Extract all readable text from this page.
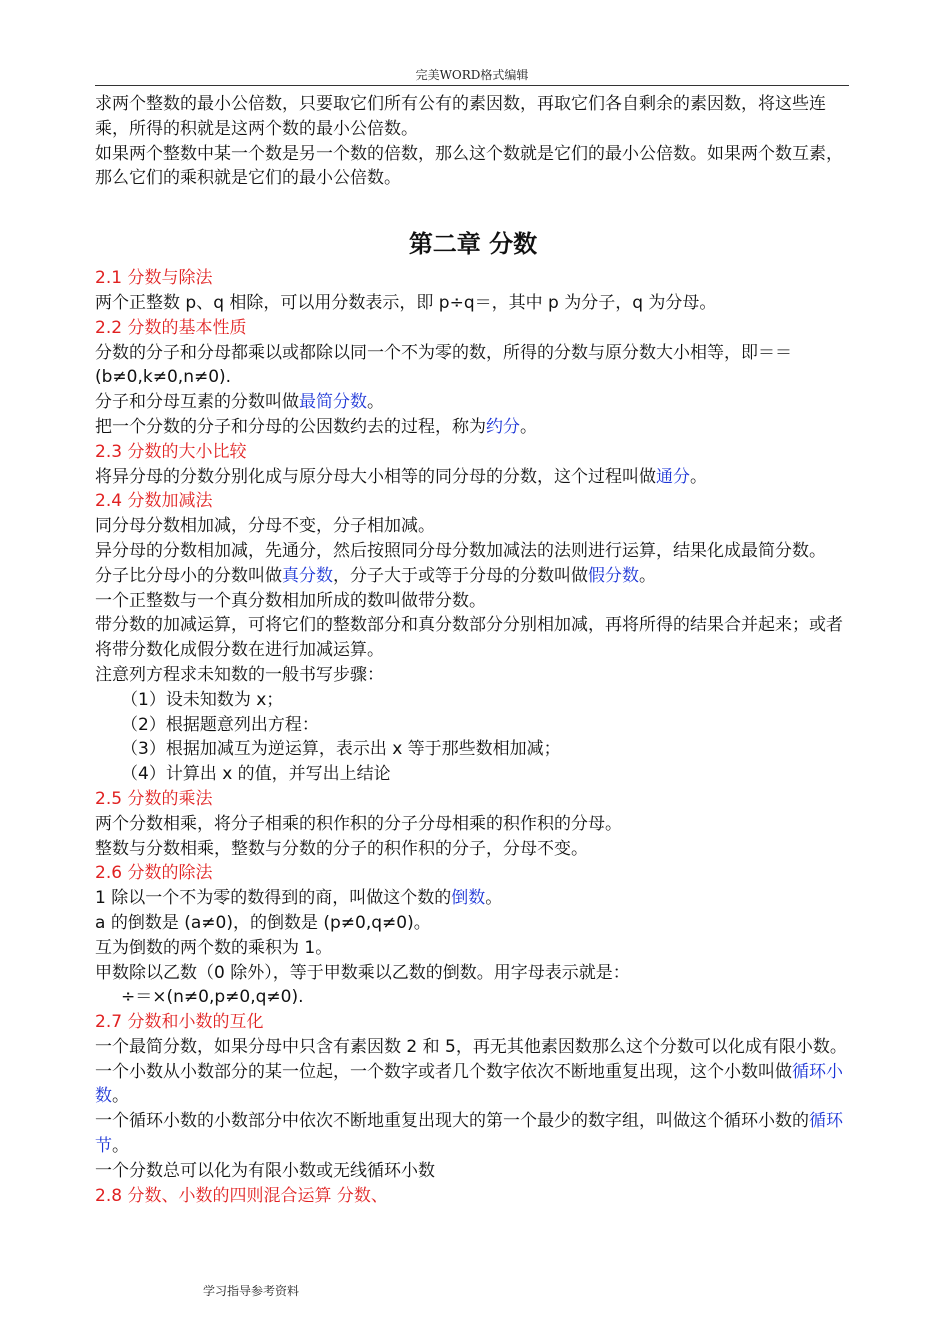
完美WORD格式编辑

求两个整数的最小公倍数，只要取它们所有公有的素因数，再取它们各自剩余的素因数，将这些连乘，所得的积就是这两个数的最小公倍数。

如果两个整数中某一个数是另一个数的倍数，那么这个数就是它们的最小公倍数。如果两个数互素，那么它们的乘积就是它们的最小公倍数。

第二章 分数

2.1 分数与除法

两个正整数 p、q 相除，可以用分数表示，即 p÷q＝，其中 p 为分子，q 为分母。

2.2 分数的基本性质

分数的分子和分母都乘以或都除以同一个不为零的数，所得的分数与原分数大小相等，即＝＝(b≠0,k≠0,n≠0).

分子和分母互素的分数叫做最简分数。

把一个分数的分子和分母的公因数约去的过程，称为约分。

2.3 分数的大小比较

将异分母的分数分别化成与原分母大小相等的同分母的分数，这个过程叫做通分。

2.4 分数加减法

同分母分数相加减，分母不变，分子相加减。

异分母的分数相加减，先通分，然后按照同分母分数加减法的法则进行运算，结果化成最简分数。

分子比分母小的分数叫做真分数，分子大于或等于分母的分数叫做假分数。

一个正整数与一个真分数相加所成的数叫做带分数。

带分数的加减运算，可将它们的整数部分和真分数部分分别相加减，再将所得的结果合并起来；或者将带分数化成假分数在进行加减运算。

注意列方程求未知数的一般书写步骤：

（1）设未知数为 x；

（2）根据题意列出方程：

（3）根据加减互为逆运算，表示出 x 等于那些数相加减；

（4）计算出 x 的值，并写出上结论

2.5 分数的乘法

两个分数相乘，将分子相乘的积作积的分子分母相乘的积作积的分母。

整数与分数相乘，整数与分数的分子的积作积的分子，分母不变。

2.6 分数的除法

1 除以一个不为零的数得到的商，叫做这个数的倒数。

a 的倒数是 (a≠0)，的倒数是 (p≠0,q≠0)。

互为倒数的两个数的乘积为 1。

甲数除以乙数（0 除外），等于甲数乘以乙数的倒数。用字母表示就是：

÷＝×(n≠0,p≠0,q≠0).

2.7 分数和小数的互化

一个最简分数，如果分母中只含有素因数 2 和 5，再无其他素因数那么这个分数可以化成有限小数。

一个小数从小数部分的某一位起，一个数字或者几个数字依次不断地重复出现，这个小数叫做循环小数。

一个循环小数的小数部分中依次不断地重复出现大的第一个最少的数字组，叫做这个循环小数的循环节。

一个分数总可以化为有限小数或无线循环小数

2.8 分数、小数的四则混合运算 分数、

学习指导参考资料
